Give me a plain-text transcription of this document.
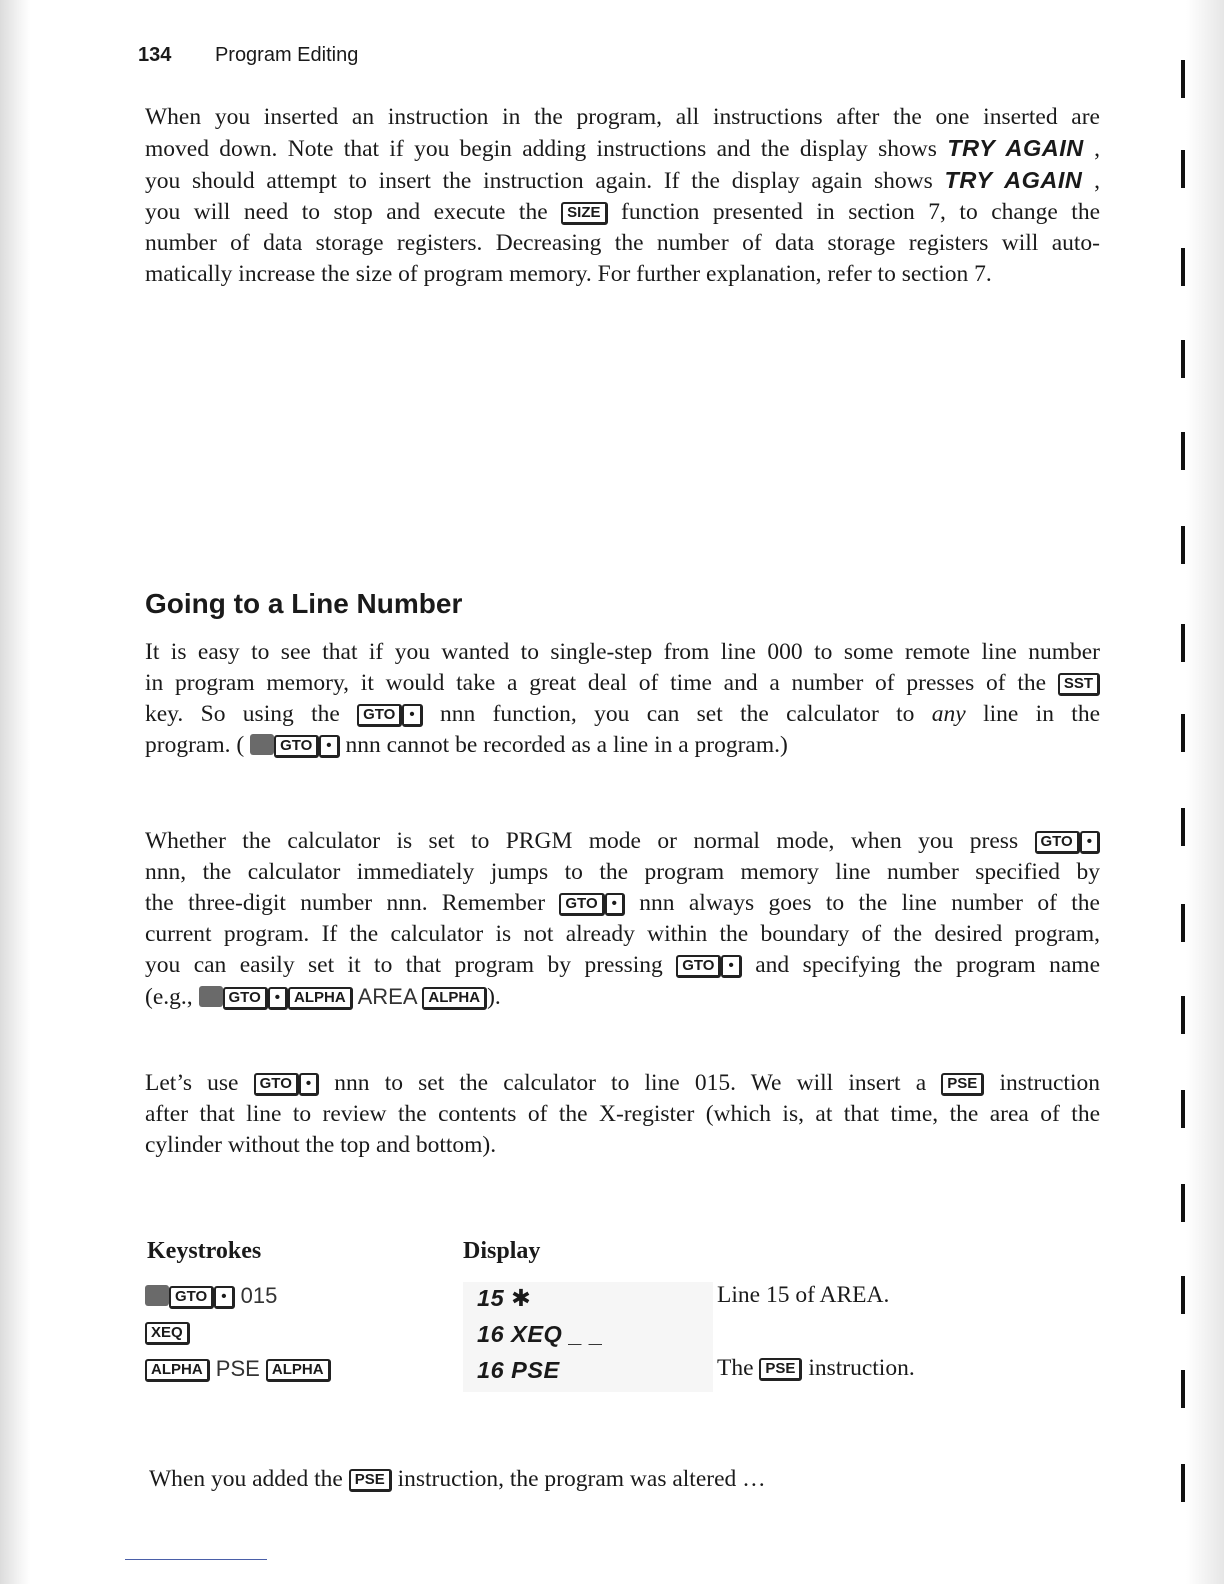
134 Program Editing
When you inserted an instruction in the program, all instructions after the one inserted are
moved down. Note that if you begin adding instructions and the display shows TRY AGAIN ,
you should attempt to insert the instruction again. If the display again shows TRY AGAIN ,
you will need to stop and execute the SIZE function presented in section 7, to change the
number of data storage registers. Decreasing the number of data storage registers will auto-
matically increase the size of program memory. For further explanation, refer to section 7.
Going to a Line Number
It is easy to see that if you wanted to single-step from line 000 to some remote line number
in program memory, it would take a great deal of time and a number of presses of the SST
key. So using the GTO • nnn function, you can set the calculator to any line in the
program. ( GTO • nnn cannot be recorded as a line in a program.)
Whether the calculator is set to PRGM mode or normal mode, when you press GTO •
nnn, the calculator immediately jumps to the program memory line number specified by
the three-digit number nnn. Remember GTO • nnn always goes to the line number of the
current program. If the calculator is not already within the boundary of the desired program,
you can easily set it to that program by pressing GTO • and specifying the program name
(e.g., GTO • ALPHA AREA ALPHA ).
Let’s use GTO • nnn to set the calculator to line 015. We will insert a PSE instruction
after that line to review the contents of the X-register (which is, at that time, the area of the
cylinder without the top and bottom).
Keystrokes	Display
GTO • 015	15 ✱	Line 15 of AREA.
XEQ	16 XEQ _ _
ALPHA PSE ALPHA	16 PSE	The PSE instruction.
When you added the PSE instruction, the program was altered …
